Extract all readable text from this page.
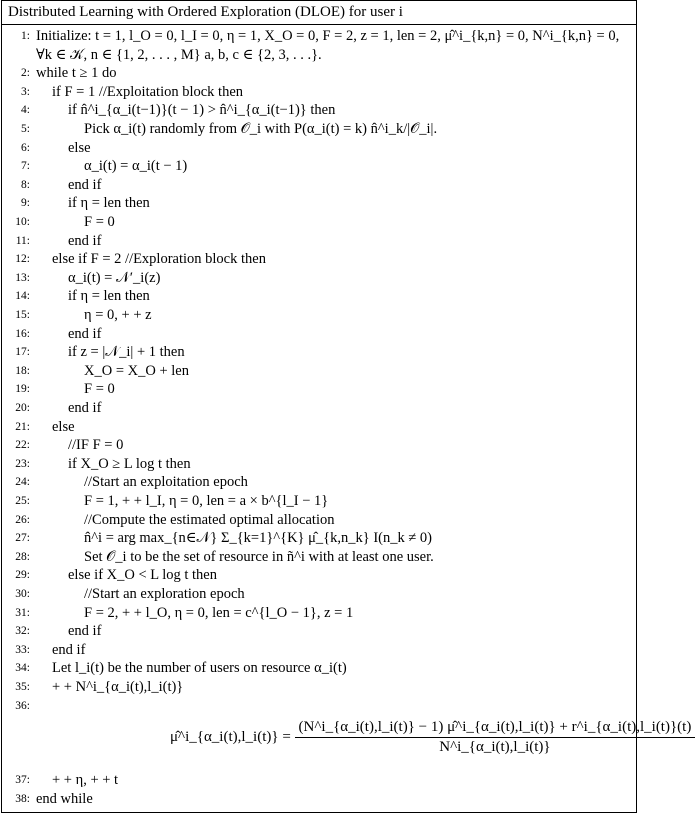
Distributed Learning with Ordered Exploration (DLOE) for user i
1: Initialize: t = 1, l_O = 0, l_I = 0, η = 1, X_O = 0, F = 2, z = 1, len = 2, μ̂^i_{k,n} = 0, N^i_{k,n} = 0,
∀k ∈ 𝒦, n ∈ {1, 2, . . . , M} a, b, c ∈ {2, 3, . . .}.
2: while t ≥ 1 do
3: if F = 1 //Exploitation block then
4:	if n̂^i_{α_i(t−1)}(t − 1) > n̂^i_{α_i(t−1)} then
5:	Pick α_i(t) randomly from 𝒪_i with P(α_i(t) = k) n̂^i_k/|𝒪_i|.
6:	else
7:	α_i(t) = α_i(t − 1)
8:	end if
9:	if η = len then
10:	F = 0
11:	end if
12: else if F = 2 //Exploration block then
13:	α_i(t) = 𝒩′_i(z)
14:	if η = len then
15:	η = 0, + + z
16:	end if
17:	if z = |𝒩_i| + 1 then
18:	X_O = X_O + len
19:	F = 0
20:	end if
21: else
22:	//IF F = 0
23:	if X_O ≥ L log t then
24:	//Start an exploitation epoch
25:	F = 1, + + l_I, η = 0, len = a × b^{l_I − 1}
26:	//Compute the estimated optimal allocation
27:	n̂^i = arg max_{n∈𝒩} Σ_{k=1}^{K} μ̂_{k,n_k} I(n_k ≠ 0)
28:	Set 𝒪_i to be the set of resource in ñ^i with at least one user.
29:	else if X_O < L log t then
30:	//Start an exploration epoch
31:	F = 2, + + l_O, η = 0, len = c^{l_O − 1}, z = 1
32:	end if
33: end if
34: Let l_i(t) be the number of users on resource α_i(t)
35: + + N^i_{α_i(t),l_i(t)}
36:
37: + + η, + + t
38: end while
μ̂^i_{α_i(t),l_i(t)} =
(N^i_{α_i(t),l_i(t)} − 1) μ̂^i_{α_i(t),l_i(t)} + r^i_{α_i(t),l_i(t)}(t)
N^i_{α_i(t),l_i(t)}
